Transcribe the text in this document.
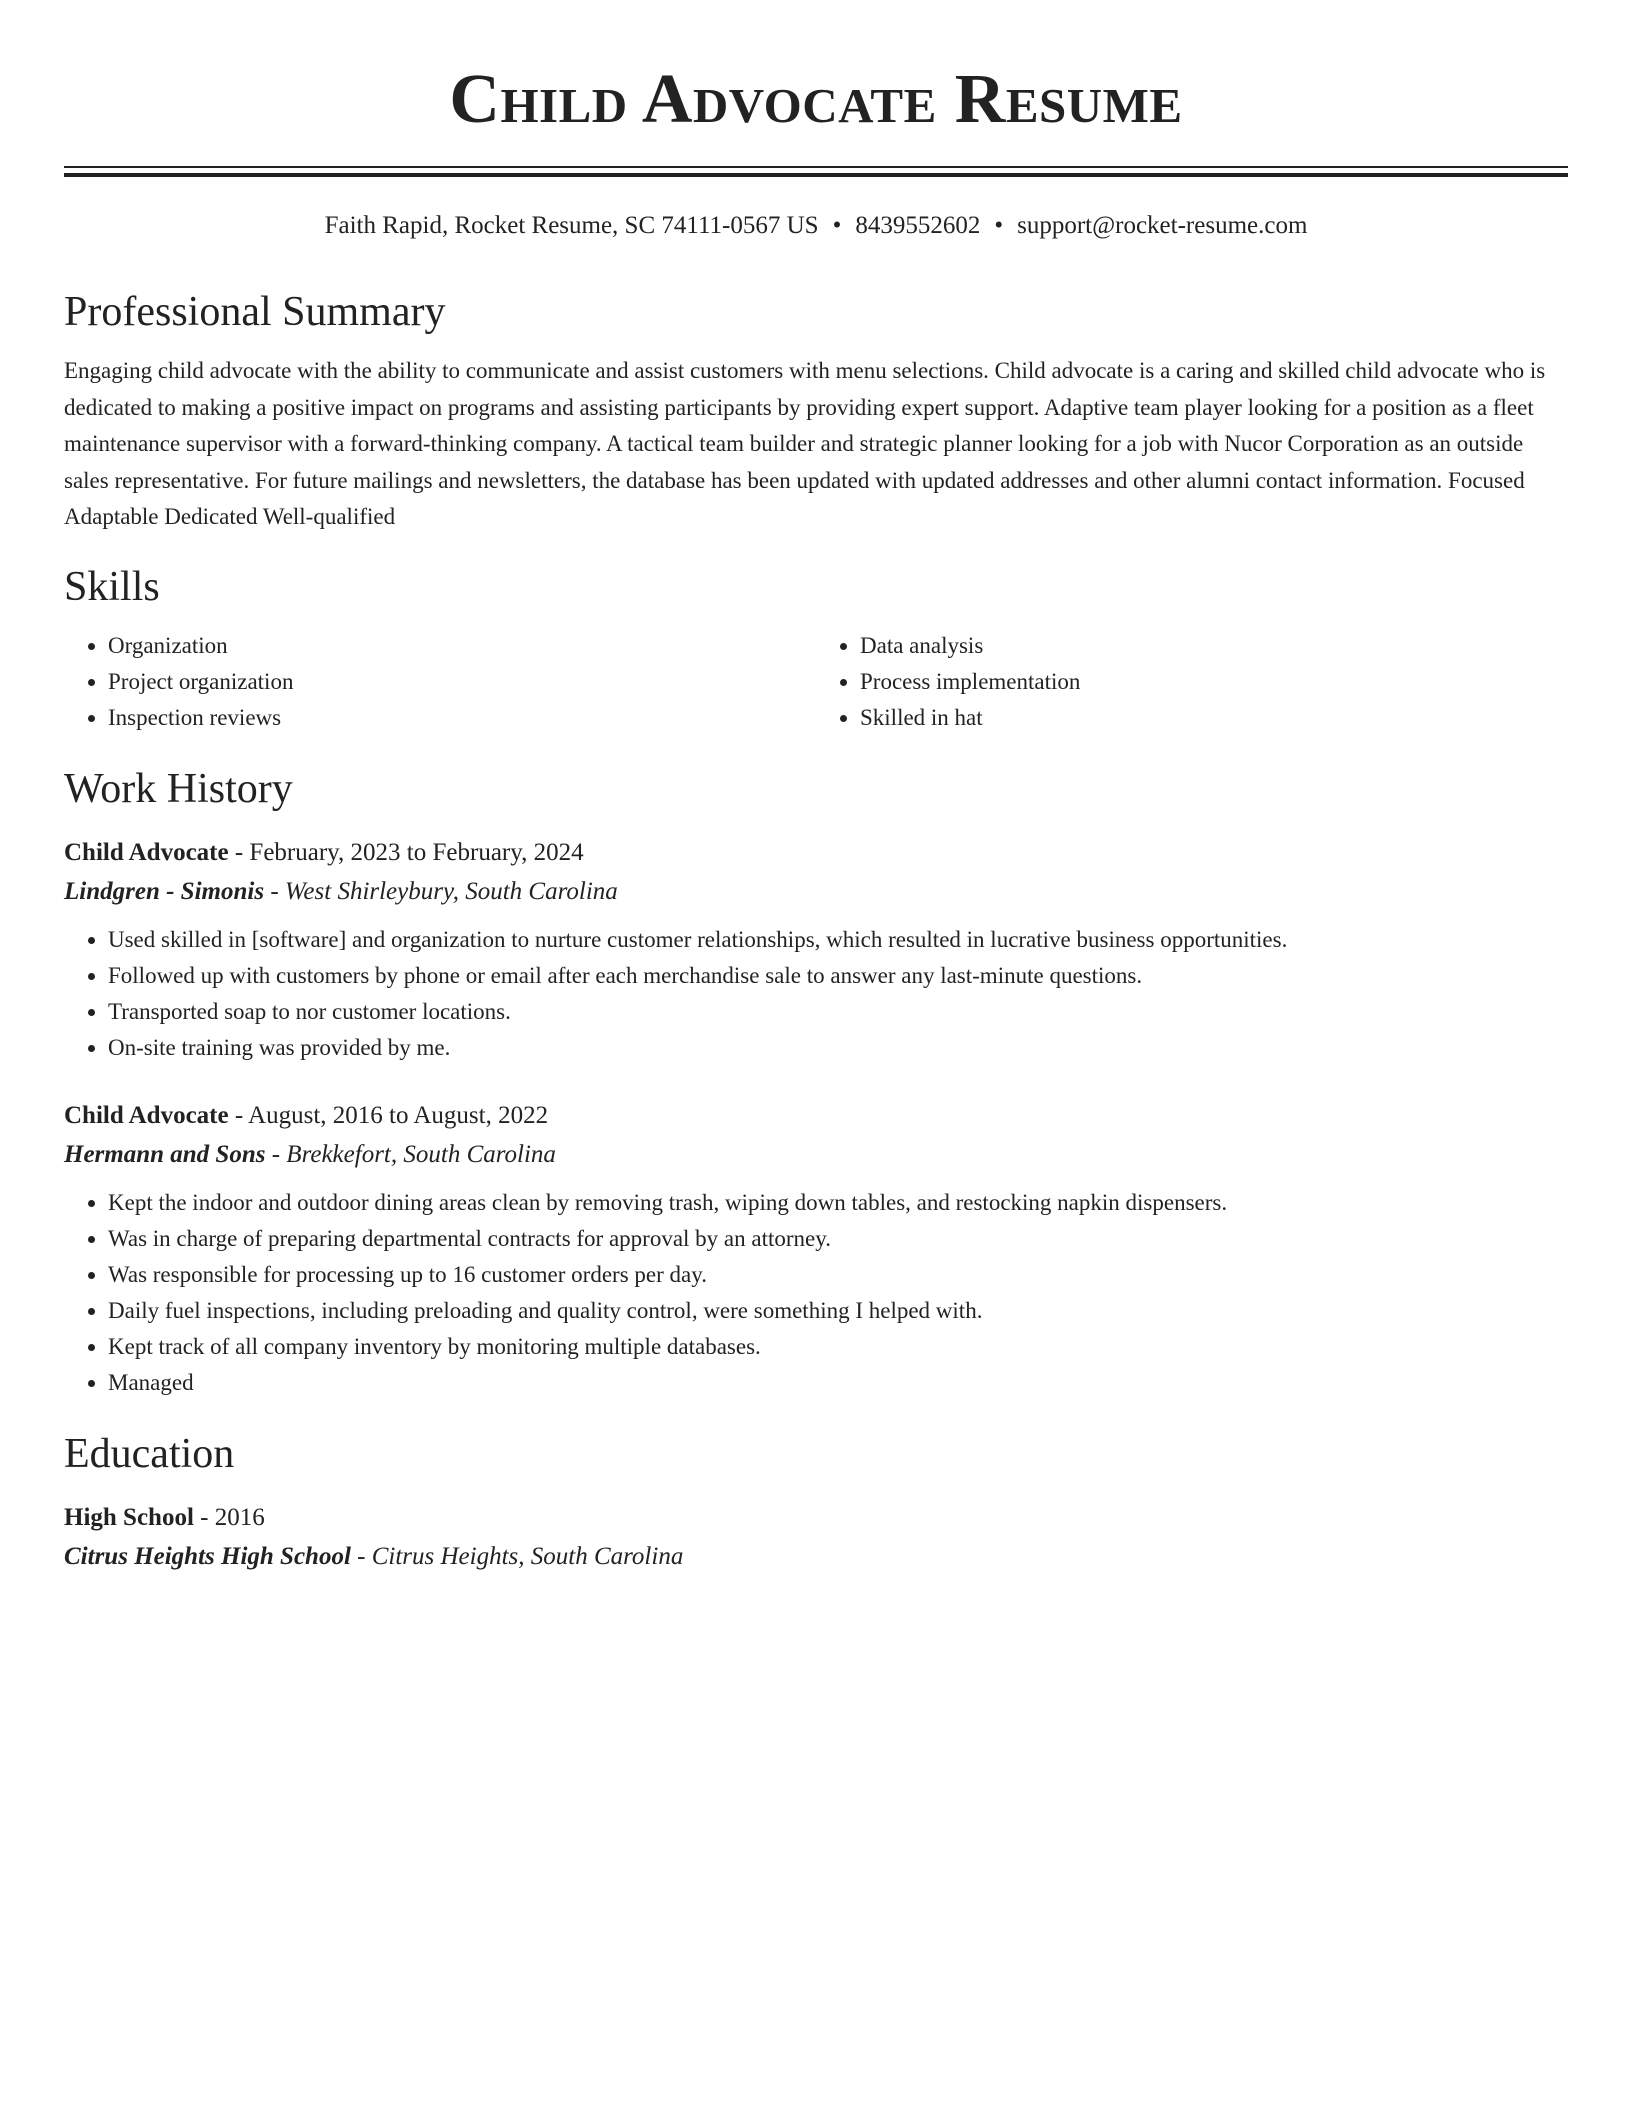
Child Advocate Resume
Faith Rapid, Rocket Resume, SC 74111-0567 US • 8439552602 • support@rocket-resume.com
Professional Summary

Engaging child advocate with the ability to communicate and assist customers with menu selections. Child advocate is a caring and skilled child advocate who is dedicated to making a positive impact on programs and assisting participants by providing expert support. Adaptive team player looking for a position as a fleet maintenance supervisor with a forward-thinking company. A tactical team builder and strategic planner looking for a job with Nucor Corporation as an outside sales representative. For future mailings and newsletters, the database has been updated with updated addresses and other alumni contact information. Focused Adaptable Dedicated Well-qualified

Skills
• Organization
• Project organization
• Inspection reviews
• Data analysis
• Process implementation
• Skilled in hat
Work History
Child Advocate - February, 2023 to February, 2024
Lindgren - Simonis - West Shirleybury, South Carolina
• Used skilled in [software] and organization to nurture customer relationships, which resulted in lucrative business opportunities.
• Followed up with customers by phone or email after each merchandise sale to answer any last-minute questions.
• Transported soap to nor customer locations.
• On-site training was provided by me.
Child Advocate - August, 2016 to August, 2022
Hermann and Sons - Brekkefort, South Carolina
• Kept the indoor and outdoor dining areas clean by removing trash, wiping down tables, and restocking napkin dispensers.
• Was in charge of preparing departmental contracts for approval by an attorney.
• Was responsible for processing up to 16 customer orders per day.
• Daily fuel inspections, including preloading and quality control, were something I helped with.
• Kept track of all company inventory by monitoring multiple databases.
• Managed
Education
High School - 2016
Citrus Heights High School - Citrus Heights, South Carolina
